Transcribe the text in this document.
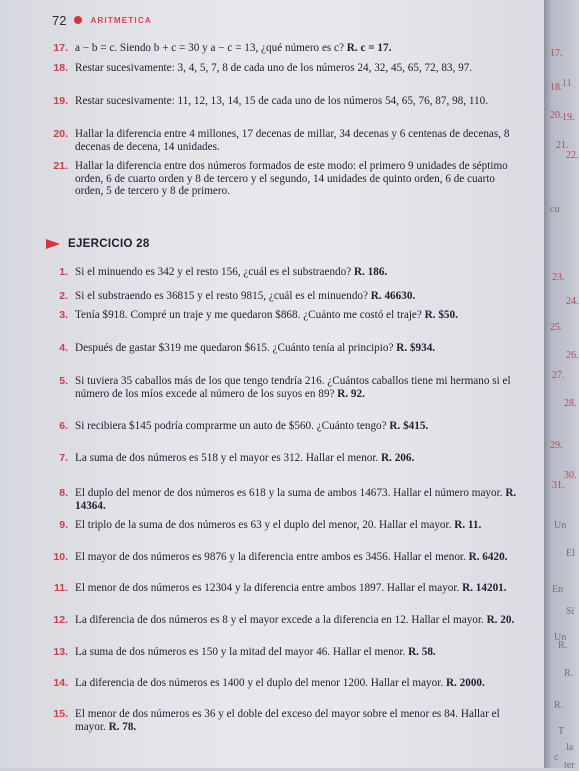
72	ARITMETICA
17. a − b = c. Siendo b + c = 30 y a − c = 13, ¿qué número es c? R. c = 17.
18. Restar sucesivamente: 3, 4, 5, 7, 8 de cada uno de los números 24, 32, 45, 65, 72, 83, 97.
19. Restar sucesivamente: 11, 12, 13, 14, 15 de cada uno de los números 54, 65, 76, 87, 98, 110.
20. Hallar la diferencia entre 4 millones, 17 decenas de millar, 34 decenas y 6 centenas de decenas, 8 decenas de decena, 14 unidades.
21. Hallar la diferencia entre dos números formados de este modo: el primero 9 unidades de séptimo orden, 6 de cuarto orden y 8 de tercero y el segundo, 14 unidades de quinto orden, 6 de cuarto orden, 5 de tercero y 8 de primero.
EJERCICIO 28
1. Si el minuendo es 342 y el resto 156, ¿cuál es el substraendo? R. 186.
2. Si el substraendo es 36815 y el resto 9815, ¿cuál es el minuendo? R. 46630.
3. Tenía $918. Compré un traje y me quedaron $868. ¿Cuánto me costó el traje? R. $50.
4. Después de gastar $319 me quedaron $615. ¿Cuánto tenía al principio? R. $934.
5. Si tuviera 35 caballos más de los que tengo tendría 216. ¿Cuántos caballos tiene mi hermano si el número de los míos excede al número de los suyos en 89? R. 92.
6. Si recibiera $145 podría comprarme un auto de $560. ¿Cuánto tengo? R. $415.
7. La suma de dos números es 518 y el mayor es 312. Hallar el menor. R. 206.
8. El duplo del menor de dos números es 618 y la suma de ambos 14673. Hallar el número mayor. R. 14364.
9. El triplo de la suma de dos números es 63 y el duplo del menor, 20. Hallar el mayor. R. 11.
10. El mayor de dos números es 9876 y la diferencia entre ambos es 3456. Hallar el menor. R. 6420.
11. El menor de dos números es 12304 y la diferencia entre ambos 1897. Hallar el mayor. R. 14201.
12. La diferencia de dos números es 8 y el mayor excede a la diferencia en 12. Hallar el mayor. R. 20.
13. La suma de dos números es 150 y la mitad del mayor 46. Hallar el menor. R. 58.
14. La diferencia de dos números es 1400 y el duplo del menor 1200. Hallar el mayor. R. 2000.
15. El menor de dos números es 36 y el doble del exceso del mayor sobre el menor es 84. Hallar el mayor. R. 78.
17.
11
18.
19.
20.
21.
22.
23.
24.
25.
26.
27.
28.
29.
30.
31.
Un
El
En
Si
Un
R.
R.
R.
T
la
c
ter
cu
